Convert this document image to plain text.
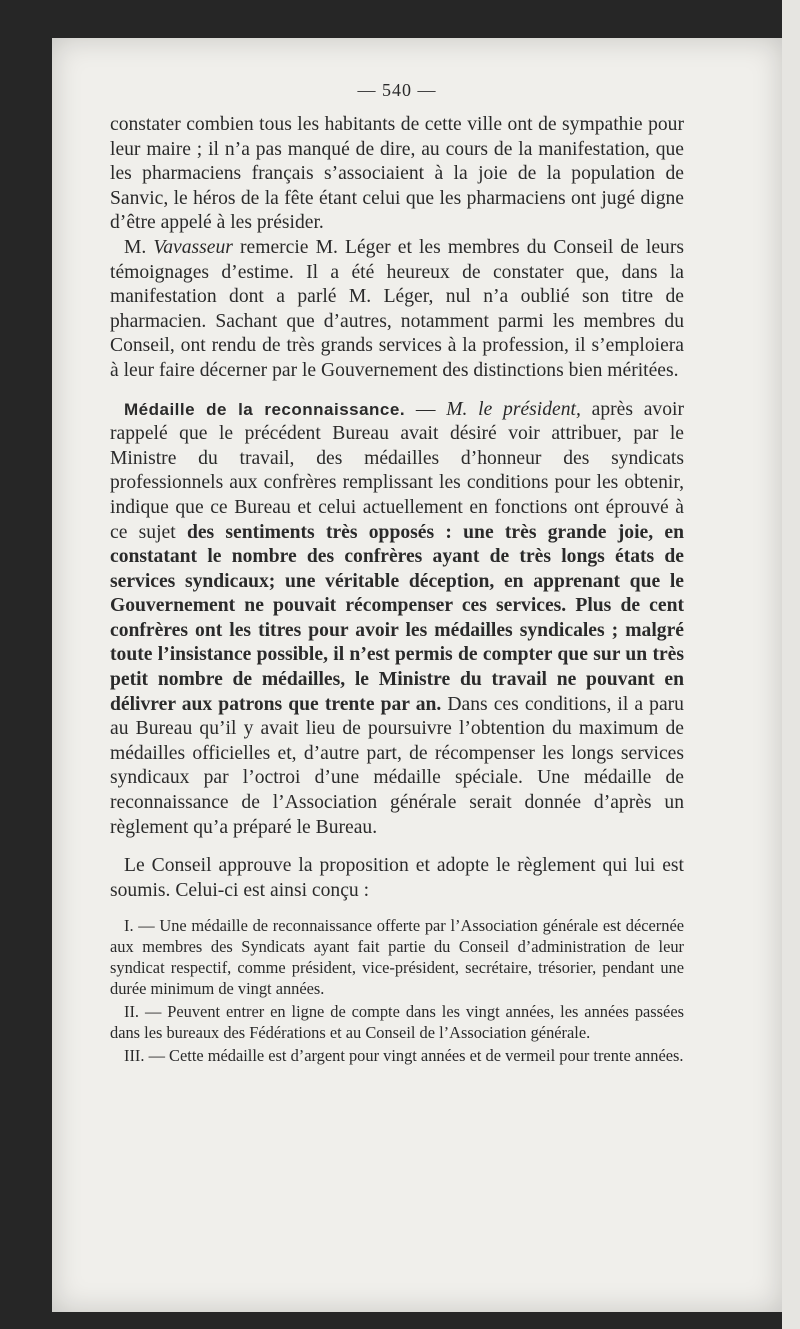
— 540 —

constater combien tous les habitants de cette ville ont de sympathie pour leur maire ; il n’a pas manqué de dire, au cours de la manifestation, que les pharmaciens français s’associaient à la joie de la population de Sanvic, le héros de la fête étant celui que les pharmaciens ont jugé digne d’être appelé à les présider.

M. Vavasseur remercie M. Léger et les membres du Conseil de leurs témoignages d’estime. Il a été heureux de constater que, dans la manifestation dont a parlé M. Léger, nul n’a oublié son titre de pharmacien. Sachant que d’autres, notamment parmi les membres du Conseil, ont rendu de très grands services à la profession, il s’emploiera à leur faire décerner par le Gouvernement des distinctions bien méritées.

Médaille de la reconnaissance. — M. le président, après avoir rappelé que le précédent Bureau avait désiré voir attribuer, par le Ministre du travail, des médailles d’honneur des syndicats professionnels aux confrères remplissant les conditions pour les obtenir, indique que ce Bureau et celui actuellement en fonctions ont éprouvé à ce sujet des sentiments très opposés : une très grande joie, en constatant le nombre des confrères ayant de très longs états de services syndicaux; une véritable déception, en apprenant que le Gouvernement ne pouvait récompenser ces services. Plus de cent confrères ont les titres pour avoir les médailles syndicales ; malgré toute l’insistance possible, il n’est permis de compter que sur un très petit nombre de médailles, le Ministre du travail ne pouvant en délivrer aux patrons que trente par an. Dans ces conditions, il a paru au Bureau qu’il y avait lieu de poursuivre l’obtention du maximum de médailles officielles et, d’autre part, de récompenser les longs services syndicaux par l’octroi d’une médaille spéciale. Une médaille de reconnaissance de l’Association générale serait donnée d’après un règlement qu’a préparé le Bureau.

Le Conseil approuve la proposition et adopte le règlement qui lui est soumis. Celui-ci est ainsi conçu :

I. — Une médaille de reconnaissance offerte par l’Association générale est décernée aux membres des Syndicats ayant fait partie du Conseil d’administration de leur syndicat respectif, comme président, vice-président, secrétaire, trésorier, pendant une durée minimum de vingt années.

II. — Peuvent entrer en ligne de compte dans les vingt années, les années passées dans les bureaux des Fédérations et au Conseil de l’Association générale.

III. — Cette médaille est d’argent pour vingt années et de vermeil pour trente années.
